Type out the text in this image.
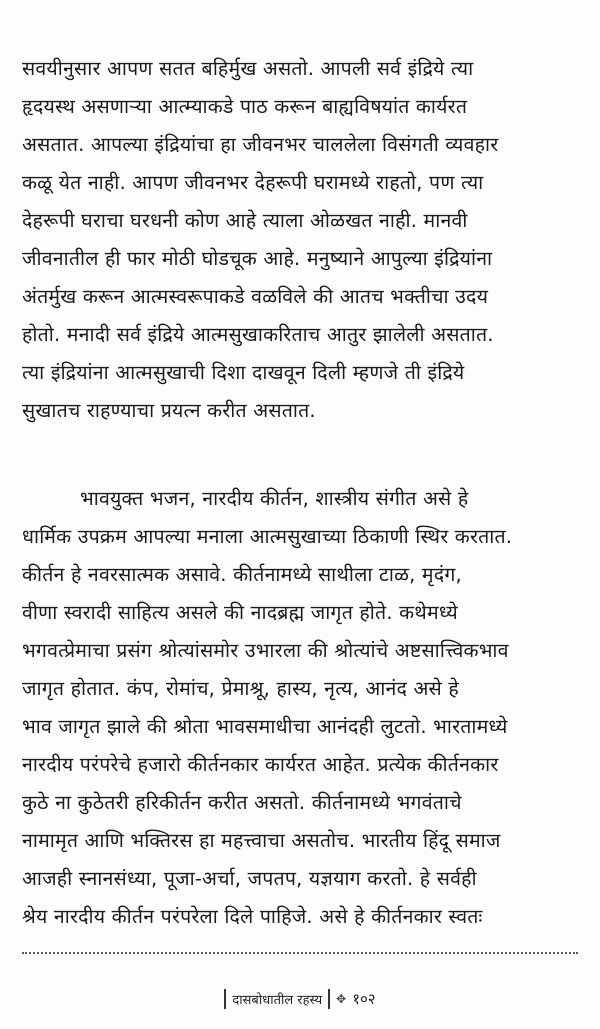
सवयीनुसार आपण सतत बहिर्मुख असतो. आपली सर्व इंद्रिये त्या
हृदयस्थ असणाऱ्या आत्म्याकडे पाठ करून बाह्यविषयांत कार्यरत
असतात. आपल्या इंद्रियांचा हा जीवनभर चाललेला विसंगती व्यवहार
कळू येत नाही. आपण जीवनभर देहरूपी घरामध्ये राहतो, पण त्या
देहरूपी घराचा घरधनी कोण आहे त्याला ओळखत नाही. मानवी
जीवनातील ही फार मोठी घोडचूक आहे. मनुष्याने आपुल्या इंद्रियांना
अंतर्मुख करून आत्मस्वरूपाकडे वळविले की आतच भक्तीचा उदय
होतो. मनादी सर्व इंद्रिये आत्मसुखाकरिताच आतुर झालेली असतात.
त्या इंद्रियांना आत्मसुखाची दिशा दाखवून दिली म्हणजे ती इंद्रिये
सुखातच राहण्याचा प्रयत्न करीत असतात.
भावयुक्त भजन, नारदीय कीर्तन, शास्त्रीय संगीत असे हे
धार्मिक उपक्रम आपल्या मनाला आत्मसुखाच्या ठिकाणी स्थिर करतात.
कीर्तन हे नवरसात्मक असावे. कीर्तनामध्ये साथीला टाळ, मृदंग,
वीणा स्वरादी साहित्य असले की नादब्रह्म जागृत होते. कथेमध्ये
भगवत्प्रेमाचा प्रसंग श्रोत्यांसमोर उभारला की श्रोत्यांचे अष्टसात्त्विकभाव
जागृत होतात. कंप, रोमांच, प्रेमाश्रू, हास्य, नृत्य, आनंद असे हे
भाव जागृत झाले की श्रोता भावसमाधीचा आनंदही लुटतो. भारतामध्ये
नारदीय परंपरेचे हजारो कीर्तनकार कार्यरत आहेत. प्रत्येक कीर्तनकार
कुठे ना कुठेतरी हरिकीर्तन करीत असतो. कीर्तनामध्ये भगवंताचे
नामामृत आणि भक्तिरस हा महत्त्वाचा असतोच. भारतीय हिंदू समाज
आजही स्नानसंध्या, पूजा-अर्चा, जपतप, यज्ञयाग करतो. हे सर्वही
श्रेय नारदीय कीर्तन परंपरेला दिले पाहिजे. असे हे कीर्तनकार स्वतः
दासबोधातील रहस्य	✥ १०२
